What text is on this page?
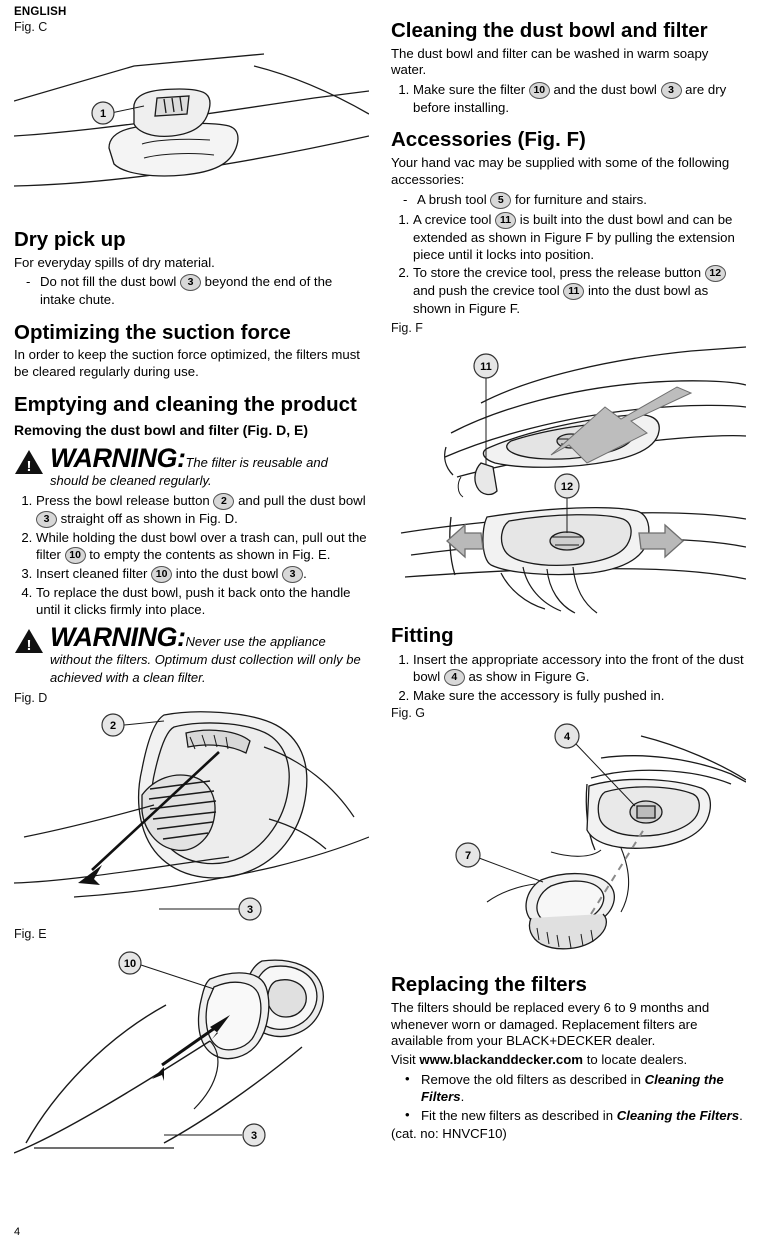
ENGLISH
Fig. C
1
Dry pick up

For everyday spills of dry material.

- Do not fill the dust bowl 3 beyond the end of the intake chute.
Optimizing the suction force

In order to keep the suction force optimized, the filters must be cleared regularly during use.

Emptying and cleaning the product
Removing the dust bowl and filter (Fig. D, E)
! WARNING:The filter is reusable and should be cleaned regularly.
1. Press the bowl release button 2 and pull the dust bowl 3 straight off as shown in Fig. D.
2. While holding the dust bowl over a trash can, pull out the filter 10 to empty the contents as shown in Fig. E.
3. Insert cleaned filter 10 into the dust bowl 3 .
4. To replace the dust bowl, push it back onto the handle until it clicks firmly into place.
! WARNING:Never use the appliance without the filters. Optimum dust collection will only be achieved with a clean filter.
Fig. D
2
3
Fig. E
10
3
Cleaning the dust bowl and filter

The dust bowl and filter can be washed in warm soapy water.

1. Make sure the filter 10 and the dust bowl 3 are dry before installing.
Accessories (Fig. F)

Your hand vac may be supplied with some of the following accessories:

- A brush tool 5 for furniture and stairs.
1. A crevice tool 11 is built into the dust bowl and can be extended as shown in Figure F by pulling the extension piece until it locks into position.
2. To store the crevice tool, press the release button 12 and push the crevice tool 11 into the dust bowl as shown in Figure F.
Fig. F
11
12
Fitting
1. Insert the appropriate accessory into the front of the dust bowl 4 as show in Figure G.
2. Make sure the accessory is fully pushed in.
Fig. G
4
7
Replacing the filters

The filters should be replaced every 6 to 9 months and whenever worn or damaged. Replacement filters are available from your BLACK+DECKER dealer.

Visit www.blackanddecker.com to locate dealers.

• Remove the old filters as described in Cleaning the Filters.
• Fit the new filters as described in Cleaning the Filters.

(cat. no: HNVCF10)

4
